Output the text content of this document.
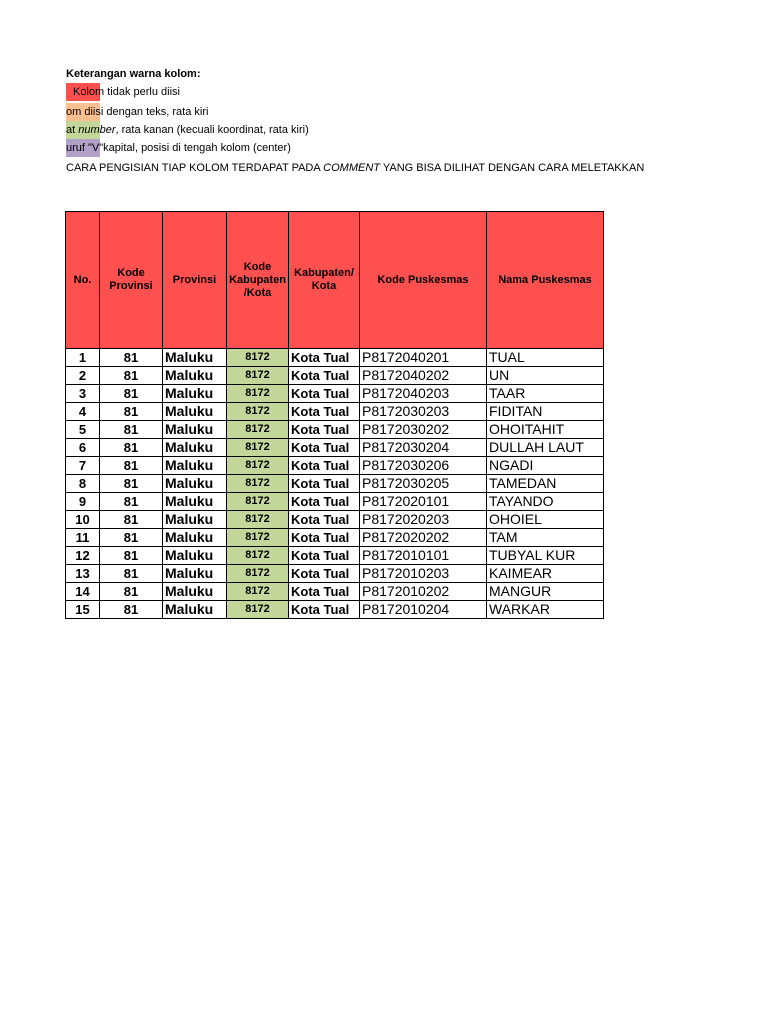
Keterangan warna kolom:
Kolom tidak perlu diisi
om diisi dengan teks, rata kiri
at number, rata kanan (kecuali koordinat, rata kiri)
uruf "V"kapital, posisi di tengah kolom (center)
CARA PENGISIAN TIAP KOLOM TERDAPAT PADA COMMENT YANG BISA DILIHAT DENGAN CARA MELETAKKAN
No.	Kode Provinsi	Provinsi	Kode Kabupaten /Kota	Kabupaten/ Kota	Kode Puskesmas	Nama Puskesmas
1	81	Maluku	8172	Kota Tual	P8172040201	TUAL
2	81	Maluku	8172	Kota Tual	P8172040202	UN
3	81	Maluku	8172	Kota Tual	P8172040203	TAAR
4	81	Maluku	8172	Kota Tual	P8172030203	FIDITAN
5	81	Maluku	8172	Kota Tual	P8172030202	OHOITAHIT
6	81	Maluku	8172	Kota Tual	P8172030204	DULLAH LAUT
7	81	Maluku	8172	Kota Tual	P8172030206	NGADI
8	81	Maluku	8172	Kota Tual	P8172030205	TAMEDAN
9	81	Maluku	8172	Kota Tual	P8172020101	TAYANDO
10	81	Maluku	8172	Kota Tual	P8172020203	OHOIEL
11	81	Maluku	8172	Kota Tual	P8172020202	TAM
12	81	Maluku	8172	Kota Tual	P8172010101	TUBYAL KUR
13	81	Maluku	8172	Kota Tual	P8172010203	KAIMEAR
14	81	Maluku	8172	Kota Tual	P8172010202	MANGUR
15	81	Maluku	8172	Kota Tual	P8172010204	WARKAR
